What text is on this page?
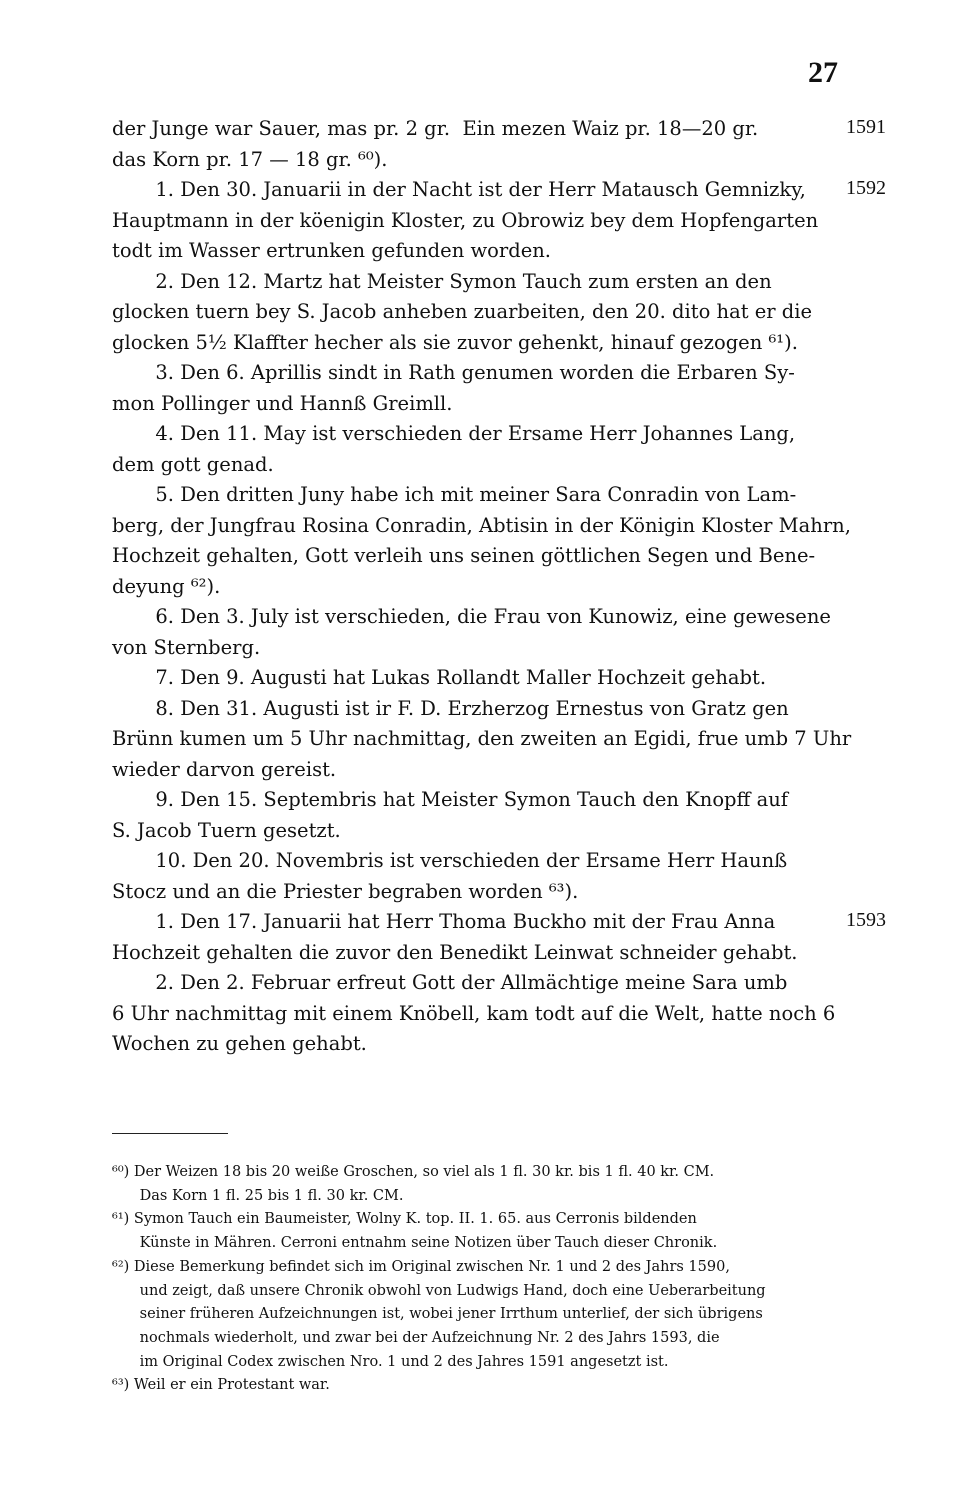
27
der Junge war Sauer, mas pr. 2 gr.  Ein mezen Waiz pr. 18—20 gr.	1591
das Korn pr. 17 — 18 gr. ⁶⁰).
1. Den 30. Januarii in der Nacht ist der Herr Matausch Gemnizky, 1592
Hauptmann in der köenigin Kloster, zu Obrowiz bey dem Hopfengarten
todt im Wasser ertrunken gefunden worden.
2. Den 12. Martz hat Meister Symon Tauch zum ersten an den
glocken tuern bey S. Jacob anheben zuarbeiten, den 20. dito hat er die
glocken 5½ Klaffter hecher als sie zuvor gehenkt, hinauf gezogen ⁶¹).
3. Den 6. Aprillis sindt in Rath genumen worden die Erbaren Sy-
mon Pollinger und Hannß Greimll.
4. Den 11. May ist verschieden der Ersame Herr Johannes Lang,
dem gott genad.
5. Den dritten Juny habe ich mit meiner Sara Conradin von Lam-
berg, der Jungfrau Rosina Conradin, Abtisin in der Königin Kloster Mahrn,
Hochzeit gehalten, Gott verleih uns seinen göttlichen Segen und Bene-
deyung ⁶²).
6. Den 3. July ist verschieden, die Frau von Kunowiz, eine gewesene
von Sternberg.
7. Den 9. Augusti hat Lukas Rollandt Maller Hochzeit gehabt.
8. Den 31. Augusti ist ir F. D. Erzherzog Ernestus von Gratz gen
Brünn kumen um 5 Uhr nachmittag, den zweiten an Egidi, frue umb 7 Uhr
wieder darvon gereist.
9. Den 15. Septembris hat Meister Symon Tauch den Knopff auf
S. Jacob Tuern gesetzt.
10. Den 20. Novembris ist verschieden der Ersame Herr Haunß
Stocz und an die Priester begraben worden ⁶³).
1. Den 17. Januarii hat Herr Thoma Buckho mit der Frau Anna	1593
Hochzeit gehalten die zuvor den Benedikt Leinwat schneider gehabt.
2. Den 2. Februar erfreut Gott der Allmächtige meine Sara umb
6 Uhr nachmittag mit einem Knöbell, kam todt auf die Welt, hatte noch 6
Wochen zu gehen gehabt.
⁶⁰) Der Weizen 18 bis 20 weiße Groschen, so viel als 1 fl. 30 kr. bis 1 fl. 40 kr. CM.
Das Korn 1 fl. 25 bis 1 fl. 30 kr. CM.
⁶¹) Symon Tauch ein Baumeister, Wolny K. top. II. 1. 65. aus Cerronis bildenden
Künste in Mähren. Cerroni entnahm seine Notizen über Tauch dieser Chronik.
⁶²) Diese Bemerkung befindet sich im Original zwischen Nr. 1 und 2 des Jahrs 1590,
und zeigt, daß unsere Chronik obwohl von Ludwigs Hand, doch eine Ueberarbeitung
seiner früheren Aufzeichnungen ist, wobei jener Irrthum unterlief, der sich übrigens
nochmals wiederholt, und zwar bei der Aufzeichnung Nr. 2 des Jahrs 1593, die
im Original Codex zwischen Nro. 1 und 2 des Jahres 1591 angesetzt ist.
⁶³) Weil er ein Protestant war.
